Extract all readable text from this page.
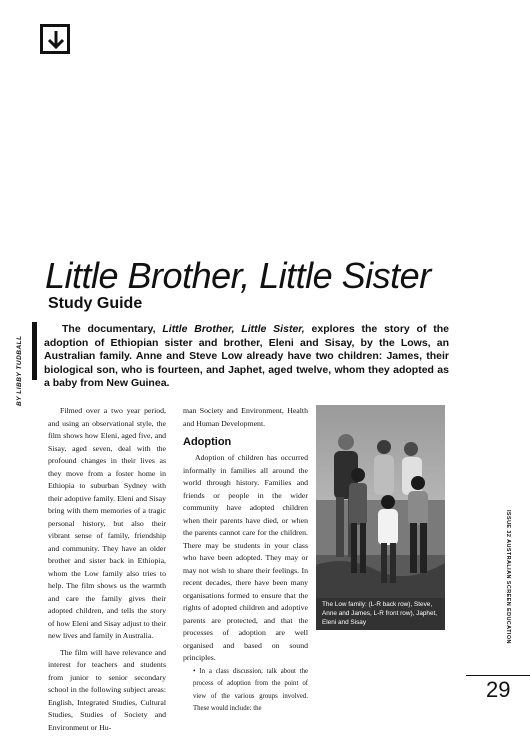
Little Brother, Little Sister
Study Guide
BY LIBBY TUDBALL

The documentary, Little Brother, Little Sister, explores the story of the adoption of Ethiopian sister and brother, Eleni and Sisay, by the Lows, an Australian family. Anne and Steve Low already have two children: James, their biological son, who is fourteen, and Japhet, aged twelve, whom they adopted as a baby from New Guinea.

Filmed over a two year period, and using an observational style, the film shows how Eleni, aged five, and Sisay, aged seven, deal with the profound changes in their lives as they move from a foster home in Ethiopia to suburban Sydney with their adoptive family. Eleni and Sisay bring with them memories of a tragic personal history, but also their vibrant sense of family, friendship and community. They have an older brother and sister back in Ethiopia, whom the Low family also tries to help. The film shows us the warmth and care the family gives their adopted children, and tells the story of how Eleni and Sisay adjust to their new lives and family in Australia.

The film will have relevance and interest for teachers and students from junior to senior secondary school in the following subject areas: English, Integrated Studies, Cultural Studies, Studies of Society and Environment or Hu-

man Society and Environment, Health and Human Development.

Adoption

Adoption of children has occurred informally in families all around the world through history. Families and friends or people in the wider community have adopted children when their parents have died, or when the parents cannot care for the children. There may be students in your class who have been adopted. They may or may not wish to share their feelings. In recent decades, there have been many organisations formed to ensure that the rights of adopted children and adoptive parents are protected, and that the processes of adoption are well organised and based on sound principles.

• In a class discussion, talk about the process of adoption from the point of view of the various groups involved. These would include: the

The Low family: (L-R back row), Steve, Anne and James, L-R front row), Japhet, Eleni and Sisay	ISSUE 32 AUSTRALIAN SCREEN EDUCATION
29
